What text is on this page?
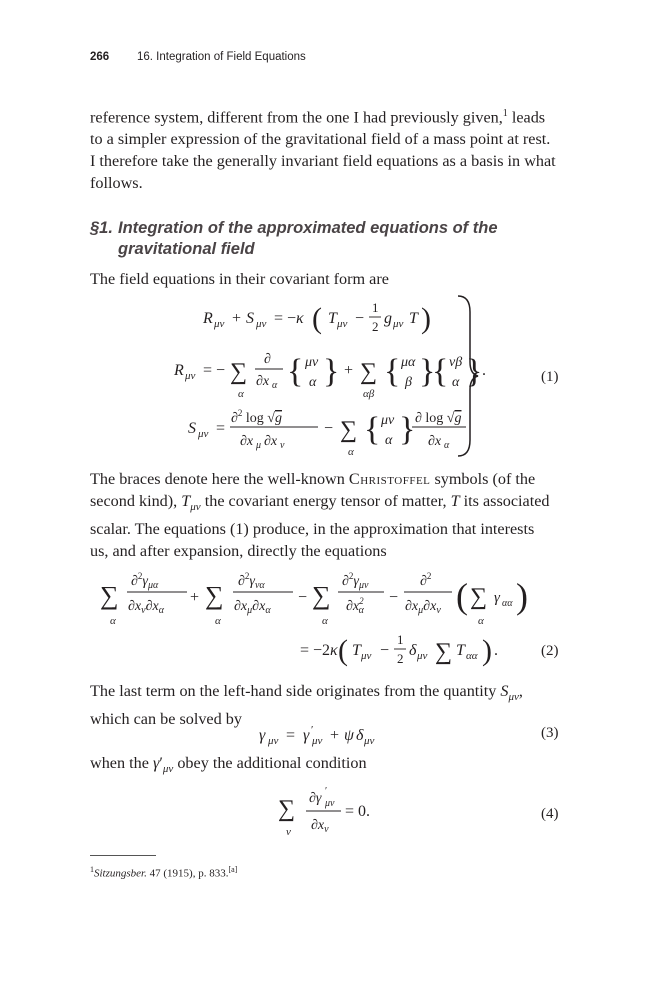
266 16. Integration of Field Equations

reference system, different from the one I had previously given,$^1$ leads

to a simpler expression of the gravitational field of a mass point at rest.

I therefore take the generally invariant field equations as a basis in what

follows.

§1. Integration of the approximated equations of the
gravitational field
The field equations in their covariant form are
R μν + S μν = −κ ( T μν −
1
2 g μν T )
R μν = − ∑
α
∂
∂x α { μν
α } + ∑
αβ
{ μα
β }
{ νβ
α } .
S μν =
∂$^2$ log √g
∂x μ ∂x ν
− ∑
α
{ μν
α } ∂ log √g
∂x α
(1)

The braces denote here the well-known Christoffel symbols (of the

second kind), $T_{\mu\nu}$ the covariant energy tensor of matter, T its associated

scalar. The equations (1) produce, in the approximation that interests

us, and after expansion, directly the equations

∑
α
$\partial^2\gamma_{\mu\alpha}$
$\partial x_\nu\partial x_\alpha$
+ ∑
α
$\partial^2\gamma_{\nu\alpha}$
$\partial x_\mu\partial x_\alpha$
− ∑
α
$\partial^2\gamma_{\mu\nu}$
$\partial x^2$ α
−
∂$^2$
$\partial x_\mu\partial x_\nu$ ( ∑
α
γ αα )
= −2κ ( T μν −
1
2 δ μν ∑ T αα ) .	(2)

The last term on the left-hand side originates from the quantity $S_{\mu\nu}$,

which can be solved by

γ μν = γ ′
μν + ψ δ μν	(3)

when the $\gamma'_{\mu\nu}$ obey the additional condition

∑
ν
∂γ ′
μν
$\partial x_\nu$
= 0.	(4)
$^1$Sitzungsber. 47 (1915), p. 833.[a]
